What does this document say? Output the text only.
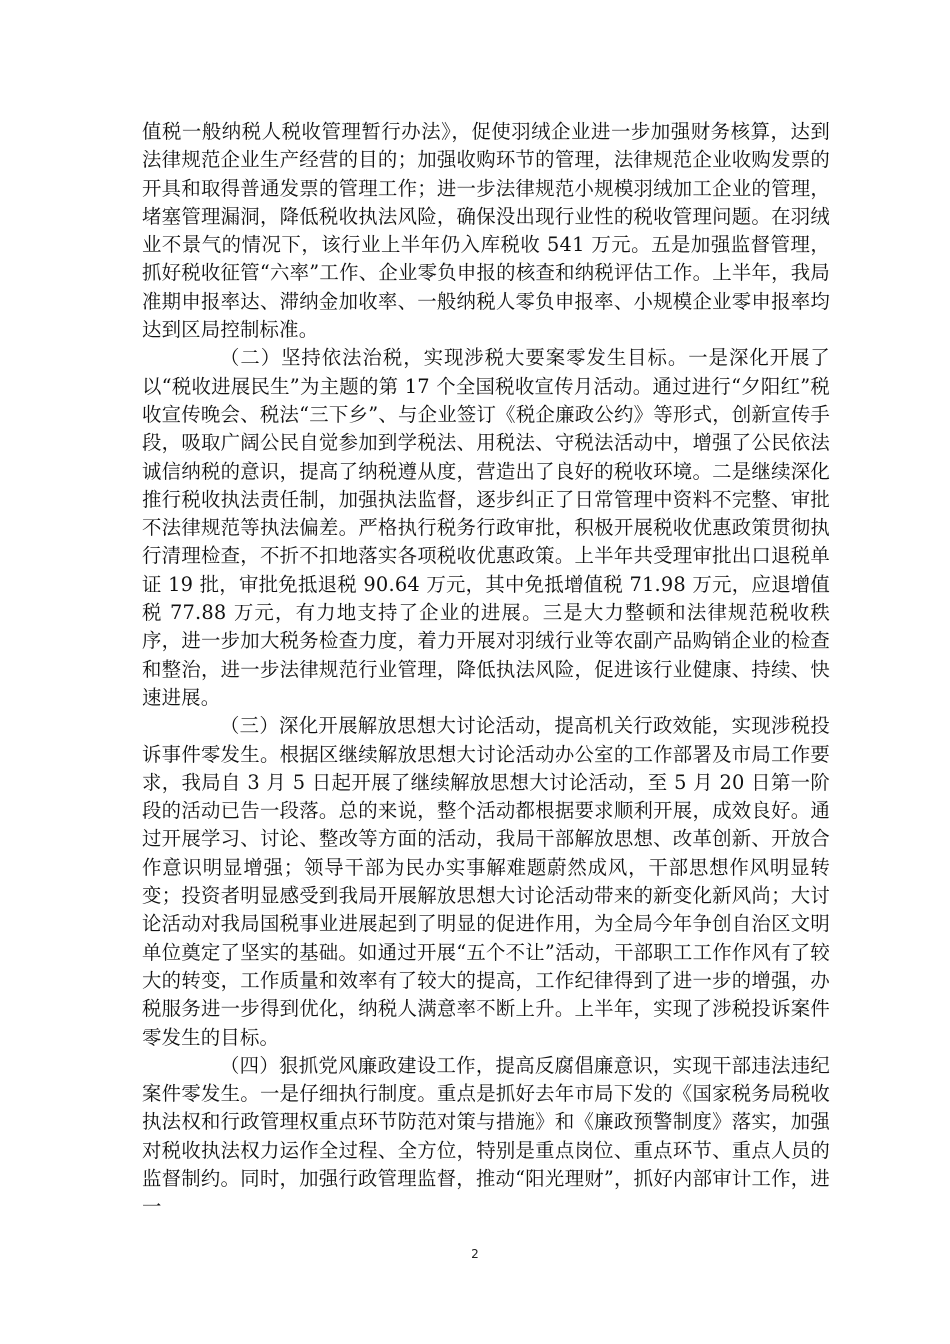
值税一般纳税人税收管理暂行办法》，促使羽绒企业进一步加强财务核算，达到法律规范企业生产经营的目的；加强收购环节的管理，法律规范企业收购发票的开具和取得普通发票的管理工作；进一步法律规范小规模羽绒加工企业的管理，堵塞管理漏洞，降低税收执法风险，确保没出现行业性的税收管理问题。在羽绒业不景气的情况下，该行业上半年仍入库税收 541 万元。五是加强监督管理，抓好税收征管“六率”工作、企业零负申报的核查和纳税评估工作。上半年，我局准期申报率达、滞纳金加收率、一般纳税人零负申报率、小规模企业零申报率均达到区局控制标准。

（二）坚持依法治税，实现涉税大要案零发生目标。一是深化开展了以“税收进展民生”为主题的第 17 个全国税收宣传月活动。通过进行“夕阳红”税收宣传晚会、税法“三下乡”、与企业签订《税企廉政公约》等形式，创新宣传手段，吸取广阔公民自觉参加到学税法、用税法、守税法活动中，增强了公民依法诚信纳税的意识，提高了纳税遵从度，营造出了良好的税收环境。二是继续深化推行税收执法责任制，加强执法监督，逐步纠正了日常管理中资料不完整、审批不法律规范等执法偏差。严格执行税务行政审批，积极开展税收优惠政策贯彻执行清理检查，不折不扣地落实各项税收优惠政策。上半年共受理审批出口退税单证 19 批，审批免抵退税 90.64 万元，其中免抵增值税 71.98 万元，应退增值税 77.88 万元，有力地支持了企业的进展。三是大力整顿和法律规范税收秩序，进一步加大税务检查力度，着力开展对羽绒行业等农副产品购销企业的检查和整治，进一步法律规范行业管理，降低执法风险，促进该行业健康、持续、快速进展。

（三）深化开展解放思想大讨论活动，提高机关行政效能，实现涉税投诉事件零发生。根据区继续解放思想大讨论活动办公室的工作部署及市局工作要求，我局自 3 月 5 日起开展了继续解放思想大讨论活动，至 5 月 20 日第一阶段的活动已告一段落。总的来说，整个活动都根据要求顺利开展，成效良好。通过开展学习、讨论、整改等方面的活动，我局干部解放思想、改革创新、开放合作意识明显增强；领导干部为民办实事解难题蔚然成风，干部思想作风明显转变；投资者明显感受到我局开展解放思想大讨论活动带来的新变化新风尚；大讨论活动对我局国税事业进展起到了明显的促进作用，为全局今年争创自治区文明单位奠定了坚实的基础。如通过开展“五个不让”活动，干部职工工作作风有了较大的转变，工作质量和效率有了较大的提高，工作纪律得到了进一步的增强，办税服务进一步得到优化，纳税人满意率不断上升。上半年，实现了涉税投诉案件零发生的目标。

（四）狠抓党风廉政建设工作，提高反腐倡廉意识，实现干部违法违纪案件零发生。一是仔细执行制度。重点是抓好去年市局下发的《国家税务局税收执法权和行政管理权重点环节防范对策与措施》和《廉政预警制度》落实，加强对税收执法权力运作全过程、全方位，特别是重点岗位、重点环节、重点人员的监督制约。同时，加强行政管理监督，推动“阳光理财”，抓好内部审计工作，进一

2
